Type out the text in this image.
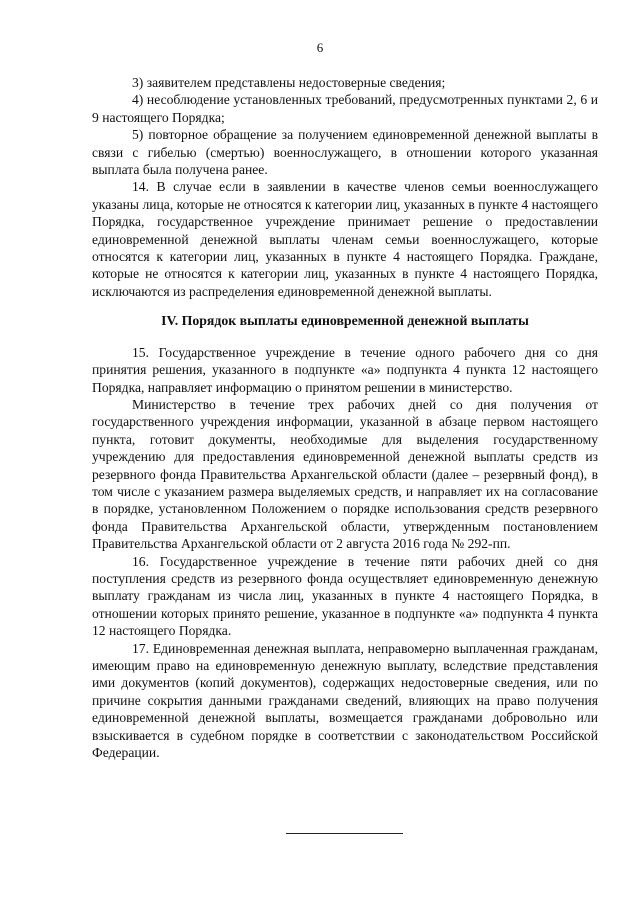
6

3) заявителем представлены недостоверные сведения;

4) несоблюдение установленных требований, предусмотренных пунктами 2, 6 и 9 настоящего Порядка;

5) повторное обращение за получением единовременной денежной выплаты в связи с гибелью (смертью) военнослужащего, в отношении которого указанная выплата была получена ранее.

14. В случае если в заявлении в качестве членов семьи военнослужащего указаны лица, которые не относятся к категории лиц, указанных в пункте 4 настоящего Порядка, государственное учреждение принимает решение о предоставлении единовременной денежной выплаты членам семьи военнослужащего, которые относятся к категории лиц, указанных в пункте 4 настоящего Порядка. Граждане, которые не относятся к категории лиц, указанных в пункте 4 настоящего Порядка, исключаются из распределения единовременной денежной выплаты.

IV. Порядок выплаты единовременной денежной выплаты

15. Государственное учреждение в течение одного рабочего дня со дня принятия решения, указанного в подпункте «а» подпункта 4 пункта 12 настоящего Порядка, направляет информацию о принятом решении в министерство.

Министерство в течение трех рабочих дней со дня получения от государственного учреждения информации, указанной в абзаце первом настоящего пункта, готовит документы, необходимые для выделения государственному учреждению для предоставления единовременной денежной выплаты средств из резервного фонда Правительства Архангельской области (далее – резервный фонд), в том числе с указанием размера выделяемых средств, и направляет их на согласование в порядке, установленном Положением о порядке использования средств резервного фонда Правительства Архангельской области, утвержденным постановлением Правительства Архангельской области от 2 августа 2016 года № 292-пп.

16. Государственное учреждение в течение пяти рабочих дней со дня поступления средств из резервного фонда осуществляет единовременную денежную выплату гражданам из числа лиц, указанных в пункте 4 настоящего Порядка, в отношении которых принято решение, указанное в подпункте «а» подпункта 4 пункта 12 настоящего Порядка.

17. Единовременная денежная выплата, неправомерно выплаченная гражданам, имеющим право на единовременную денежную выплату, вследствие представления ими документов (копий документов), содержащих недостоверные сведения, или по причине сокрытия данными гражданами сведений, влияющих на право получения единовременной денежной выплаты, возмещается гражданами добровольно или взыскивается в судебном порядке в соответствии с законодательством Российской Федерации.
